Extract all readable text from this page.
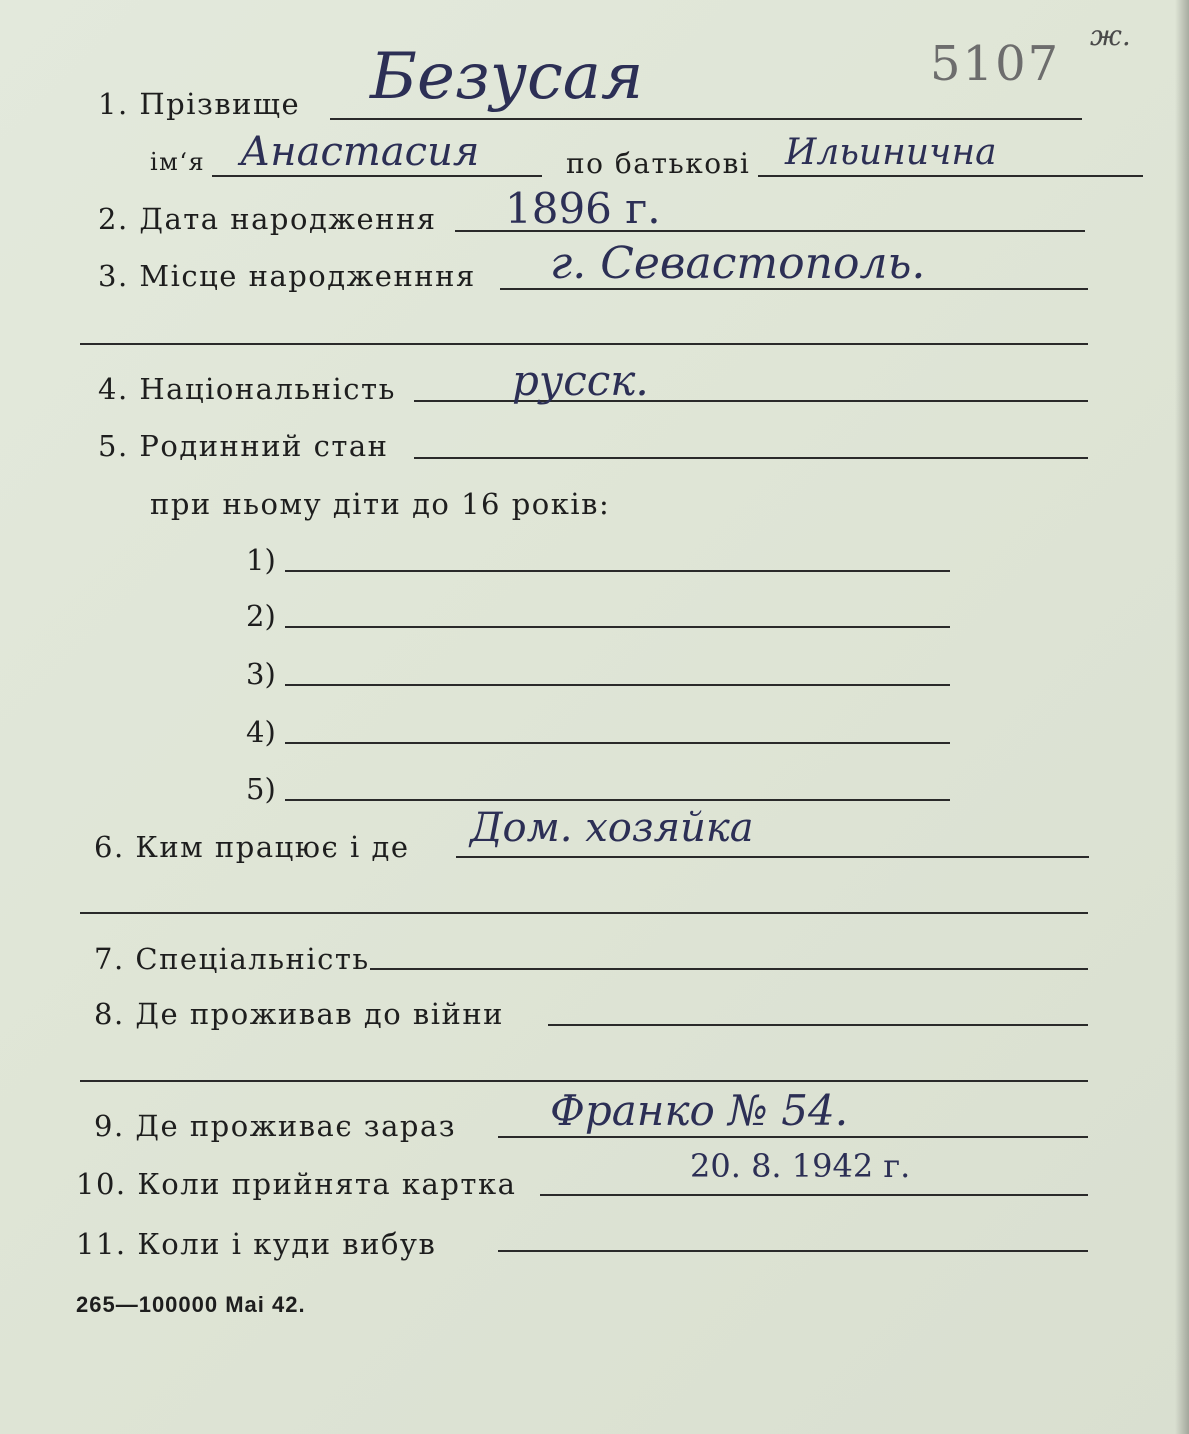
5107
ж.
1. Прізвище Безусая
ім‘я Анастасия	по батькові Ильинична
2. Дата народження 1896 г.
3. Місце народженння г. Севастополь.
4. Національність	русск.
5. Родинний стан
при ньому діти до 16 років:
1)
2)
3)
4)
5)
6. Ким працює і де Дом. хозяйка
7. Спеціальність
8. Де проживав до війни
9. Де проживає зараз Франко № 54.
10. Коли прийнята картка	20. 8. 1942 г.
11. Коли і куди вибув
265—100000 Mai 42.
